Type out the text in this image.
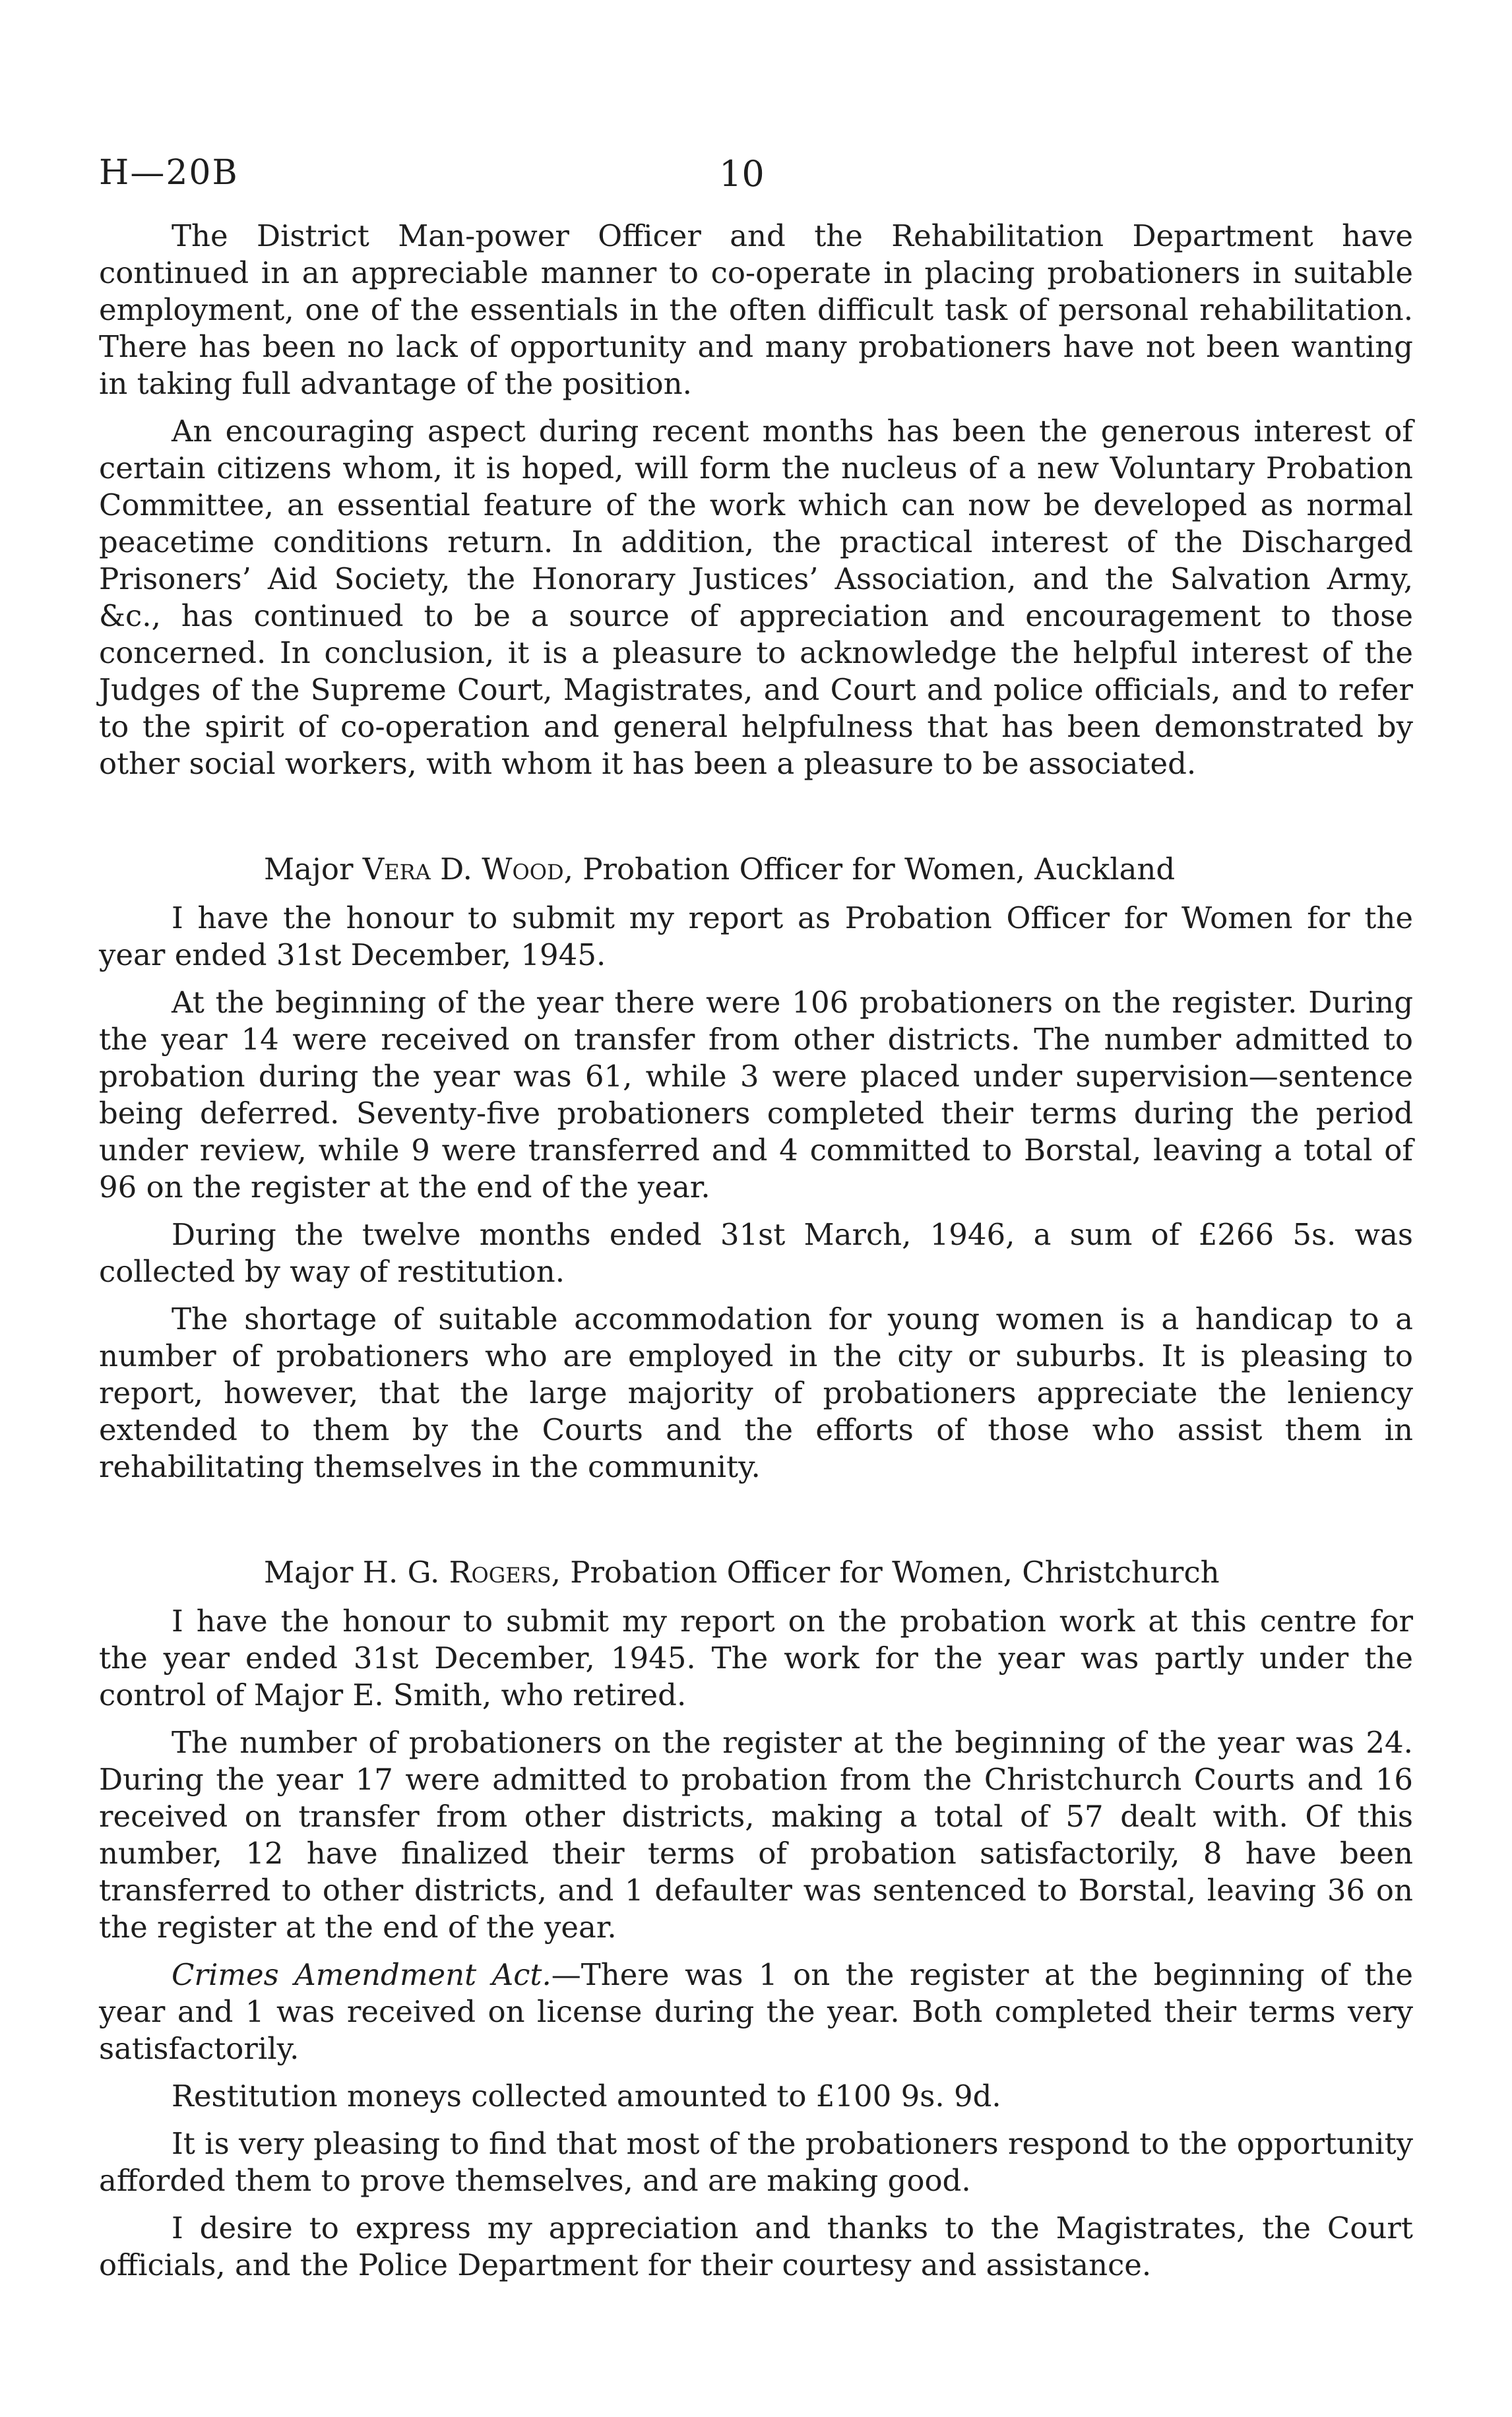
H—20B	10

The District Man-power Officer and the Rehabilitation Department have continued in an appreciable manner to co-operate in placing probationers in suitable employment, one of the essentials in the often difficult task of personal rehabilitation. There has been no lack of opportunity and many probationers have not been wanting in taking full advantage of the position.

An encouraging aspect during recent months has been the generous interest of certain citizens whom, it is hoped, will form the nucleus of a new Voluntary Probation Committee, an essential feature of the work which can now be developed as normal peacetime conditions return. In addition, the practical interest of the Discharged Prisoners’ Aid Society, the Honorary Justices’ Association, and the Salvation Army, &c., has continued to be a source of appreciation and encouragement to those concerned. In conclusion, it is a pleasure to acknowledge the helpful interest of the Judges of the Supreme Court, Magistrates, and Court and police officials, and to refer to the spirit of co-operation and general helpfulness that has been demonstrated by other social workers, with whom it has been a pleasure to be associated.

Major Vera D. Wood, Probation Officer for Women, Auckland

I have the honour to submit my report as Probation Officer for Women for the year ended 31st December, 1945.

At the beginning of the year there were 106 probationers on the register. During the year 14 were received on transfer from other districts. The number admitted to probation during the year was 61, while 3 were placed under supervision—sentence being deferred. Seventy-five probationers completed their terms during the period under review, while 9 were transferred and 4 committed to Borstal, leaving a total of 96 on the register at the end of the year.

During the twelve months ended 31st March, 1946, a sum of £266 5s. was collected by way of restitution.

The shortage of suitable accommodation for young women is a handicap to a number of probationers who are employed in the city or suburbs. It is pleasing to report, however, that the large majority of probationers appreciate the leniency extended to them by the Courts and the efforts of those who assist them in rehabilitating themselves in the community.

Major H. G. Rogers, Probation Officer for Women, Christchurch

I have the honour to submit my report on the probation work at this centre for the year ended 31st December, 1945. The work for the year was partly under the control of Major E. Smith, who retired.

The number of probationers on the register at the beginning of the year was 24. During the year 17 were admitted to probation from the Christchurch Courts and 16 received on transfer from other districts, making a total of 57 dealt with. Of this number, 12 have finalized their terms of probation satisfactorily, 8 have been transferred to other districts, and 1 defaulter was sentenced to Borstal, leaving 36 on the register at the end of the year.

Crimes Amendment Act.—There was 1 on the register at the beginning of the year and 1 was received on license during the year. Both completed their terms very satisfactorily.

Restitution moneys collected amounted to £100 9s. 9d.

It is very pleasing to find that most of the probationers respond to the opportunity afforded them to prove themselves, and are making good.

I desire to express my appreciation and thanks to the Magistrates, the Court officials, and the Police Department for their courtesy and assistance.
